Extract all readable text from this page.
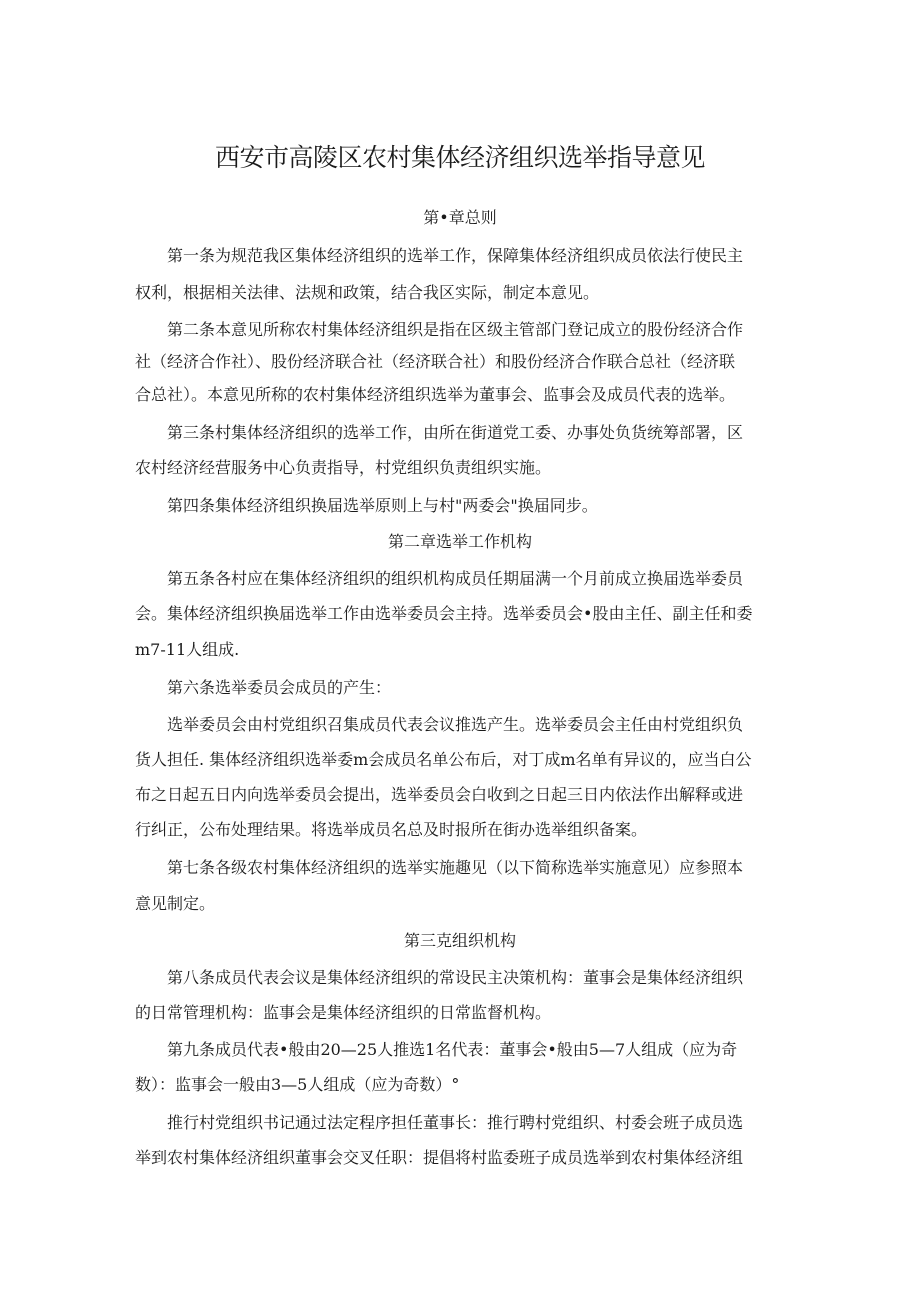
西安市高陵区农村集体经济组织选举指导意见
第•章总则
第一条为规范我区集体经济组织的选举工作，保障集体经济组织成员依法行使民主
权利，根据相关法律、法规和政策，结合我区实际，制定本意见。
第二条本意见所称农村集体经济组织是指在区级主管部门登记成立的股份经济合作
社（经济合作社）、股份经济联合社（经济联合社）和股份经济合作联合总社（经济联
合总社）。本意见所称的农村集体经济组织选举为董事会、监事会及成员代表的选举。
第三条村集体经济组织的选举工作，由所在街道党工委、办事处负货统筹部署，区
农村经济经营服务中心负责指导，村党组织负责组织实施。
第四条集体经济组织换届选举原则上与村"两委会"换届同步。
第二章选举工作机构
第五条各村应在集体经济组织的组织机构成员任期届满一个月前成立换届选举委员
会。集体经济组织换届选举工作由选举委员会主持。选举委员会•股由主任、副主任和委
m7-11人组成.
第六条选举委员会成员的产生：
选举委员会由村党组织召集成员代表会议推选产生。选举委员会主任由村党组织负
货人担任. 集体经济组织选举委m会成员名单公布后，对丁成m名单有异议的，应当白公
布之日起五日内向选举委员会提出，选举委员会白收到之日起三日内依法作出解释或进
行纠正，公布处理结果。将选举成员名总及时报所在街办选举组织备案。
第七条各级农村集体经济组织的选举实施趣见（以下简称选举实施意见）应参照本
意见制定。
第三克组织机构
第八条成员代表会议是集体经济组织的常设民主决策机构：董事会是集体经济组织
的日常管理机构：监事会是集体经济组织的日常监督机构。
第九条成员代表•般由20—25人推选1名代表：董事会•般由5—7人组成（应为奇
数）：监事会一般由3—5人组成（应为奇数）°
推行村党组织书记通过法定程序担任董事长：推行聘村党组织、村委会班子成员选
举到农村集体经济组织董事会交叉任职：提倡将村监委班子成员选举到农村集体经济组
